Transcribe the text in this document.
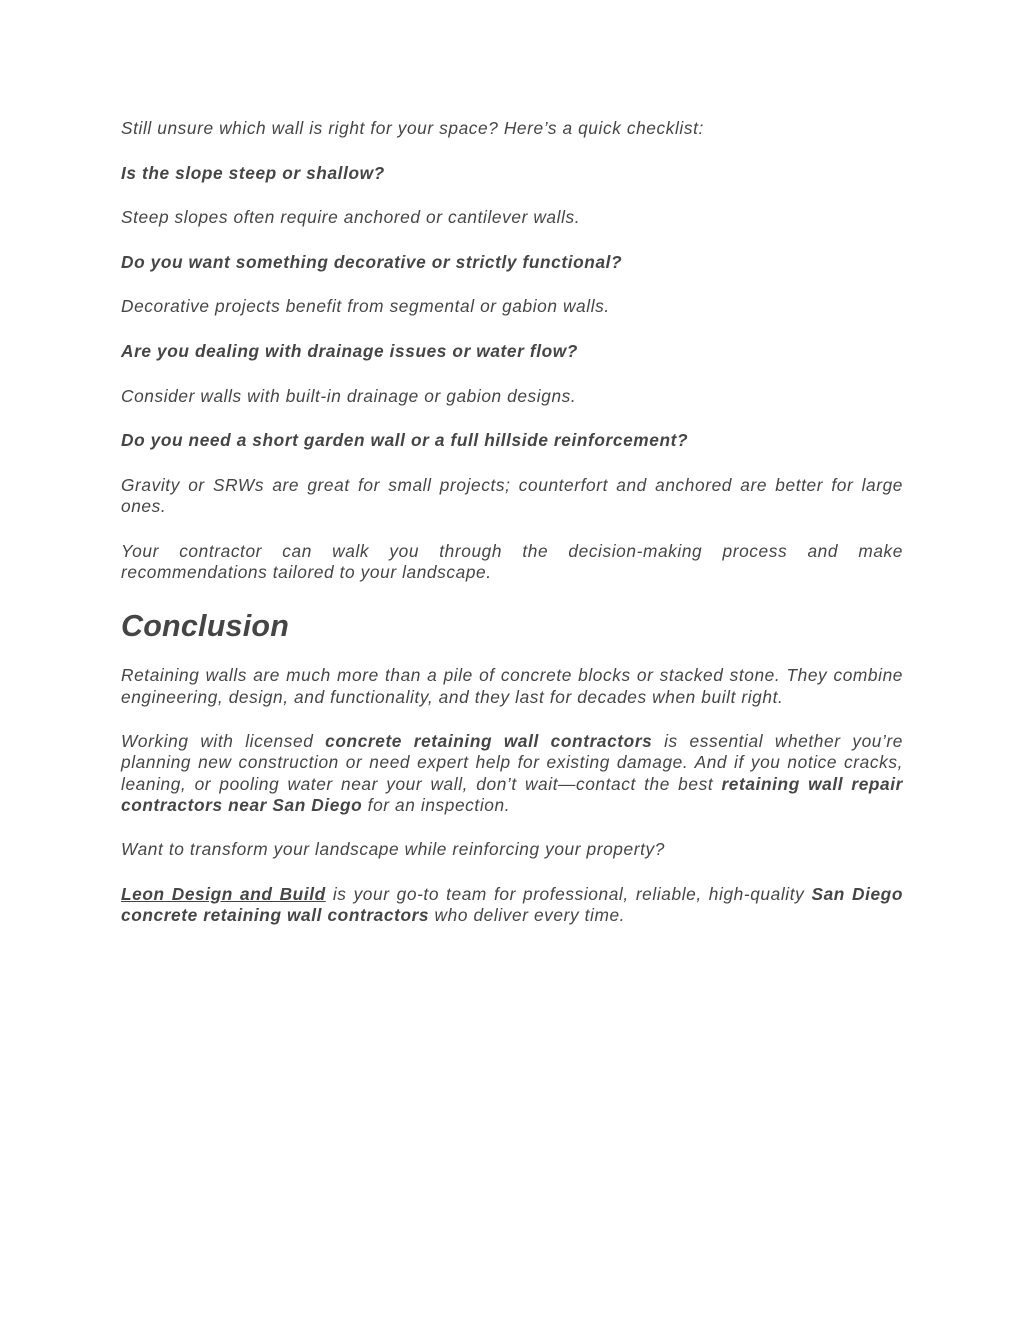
Still unsure which wall is right for your space? Here’s a quick checklist:

Is the slope steep or shallow?

Steep slopes often require anchored or cantilever walls.

Do you want something decorative or strictly functional?

Decorative projects benefit from segmental or gabion walls.

Are you dealing with drainage issues or water flow?

Consider walls with built-in drainage or gabion designs.

Do you need a short garden wall or a full hillside reinforcement?

Gravity or SRWs are great for small projects; counterfort and anchored are better for large ones.

Your contractor can walk you through the decision-making process and make recommendations tailored to your landscape.

Conclusion

Retaining walls are much more than a pile of concrete blocks or stacked stone. They combine engineering, design, and functionality, and they last for decades when built right.

Working with licensed concrete retaining wall contractors is essential whether you’re planning new construction or need expert help for existing damage. And if you notice cracks, leaning, or pooling water near your wall, don’t wait—contact the best retaining wall repair contractors near San Diego for an inspection.

Want to transform your landscape while reinforcing your property?

Leon Design and Build is your go-to team for professional, reliable, high-quality San Diego concrete retaining wall contractors who deliver every time.
